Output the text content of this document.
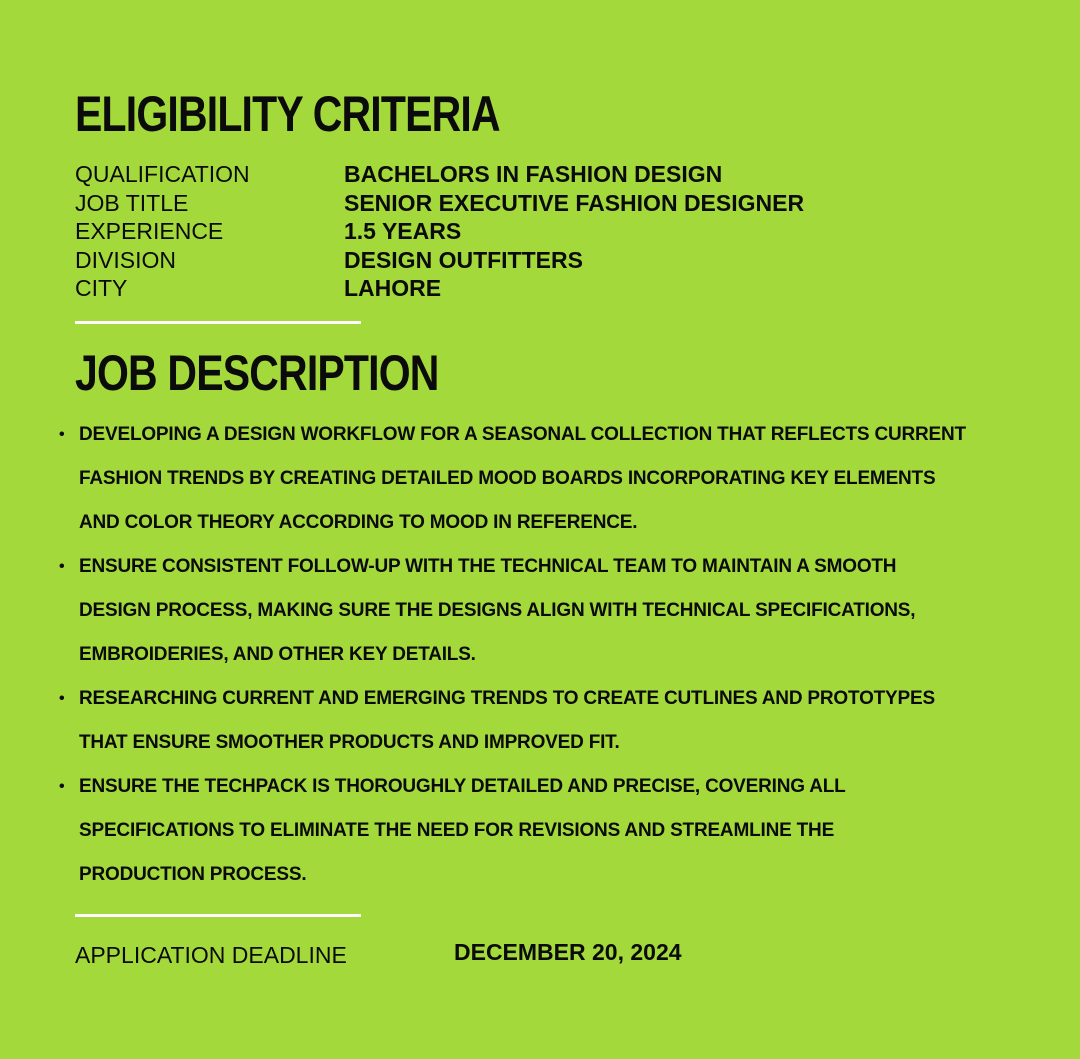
ELIGIBILITY CRITERIA
QUALIFICATION	BACHELORS IN FASHION DESIGN
JOB TITLE	SENIOR EXECUTIVE FASHION DESIGNER
EXPERIENCE	1.5 YEARS
DIVISION	DESIGN OUTFITTERS
CITY	LAHORE
JOB DESCRIPTION
• DEVELOPING A DESIGN WORKFLOW FOR A SEASONAL COLLECTION THAT REFLECTS CURRENT
FASHION TRENDS BY CREATING DETAILED MOOD BOARDS INCORPORATING KEY ELEMENTS
AND COLOR THEORY ACCORDING TO MOOD IN REFERENCE.
• ENSURE CONSISTENT FOLLOW-UP WITH THE TECHNICAL TEAM TO MAINTAIN A SMOOTH
DESIGN PROCESS, MAKING SURE THE DESIGNS ALIGN WITH TECHNICAL SPECIFICATIONS,
EMBROIDERIES, AND OTHER KEY DETAILS.
• RESEARCHING CURRENT AND EMERGING TRENDS TO CREATE CUTLINES AND PROTOTYPES
THAT ENSURE SMOOTHER PRODUCTS AND IMPROVED FIT.
• ENSURE THE TECHPACK IS THOROUGHLY DETAILED AND PRECISE, COVERING ALL
SPECIFICATIONS TO ELIMINATE THE NEED FOR REVISIONS AND STREAMLINE THE
PRODUCTION PROCESS.
APPLICATION DEADLINE	DECEMBER 20, 2024
